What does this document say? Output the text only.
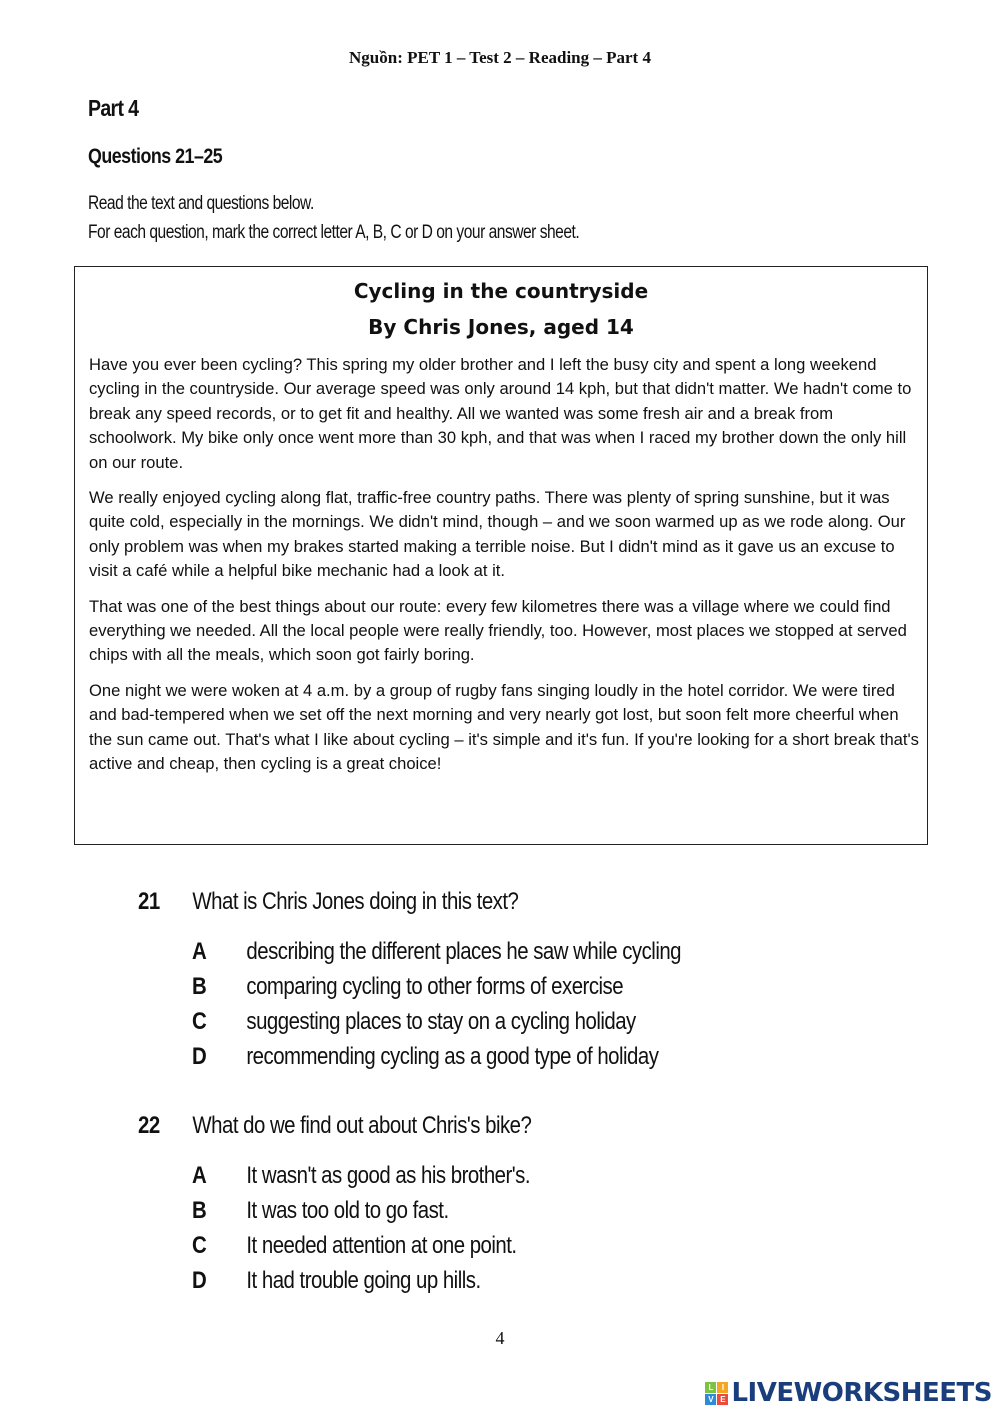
Nguồn: PET 1 – Test 2 – Reading – Part 4
Part 4
Questions 21–25
Read the text and questions below.
For each question, mark the correct letter A, B, C or D on your answer sheet.
Cycling in the countryside
By Chris Jones, aged 14

Have you ever been cycling? This spring my older brother and I left the busy city and spent a long weekend cycling in the countryside. Our average speed was only around 14 kph, but that didn't matter. We hadn't come to break any speed records, or to get fit and healthy. All we wanted was some fresh air and a break from schoolwork. My bike only once went more than 30 kph, and that was when I raced my brother down the only hill on our route.

We really enjoyed cycling along flat, traffic-free country paths. There was plenty of spring sunshine, but it was quite cold, especially in the mornings. We didn't mind, though – and we soon warmed up as we rode along. Our only problem was when my brakes started making a terrible noise. But I didn't mind as it gave us an excuse to visit a café while a helpful bike mechanic had a look at it.

That was one of the best things about our route: every few kilometres there was a village where we could find everything we needed. All the local people were really friendly, too. However, most places we stopped at served chips with all the meals, which soon got fairly boring.

One night we were woken at 4 a.m. by a group of rugby fans singing loudly in the hotel corridor. We were tired and bad-tempered when we set off the next morning and very nearly got lost, but soon felt more cheerful when the sun came out. That's what I like about cycling – it's simple and it's fun. If you're looking for a short break that's active and cheap, then cycling is a great choice!

21 What is Chris Jones doing in this text?
A describing the different places he saw while cycling
B comparing cycling to other forms of exercise
C suggesting places to stay on a cycling holiday
D recommending cycling as a good type of holiday
22 What do we find out about Chris's bike?
A It wasn't as good as his brother's.
B It was too old to go fast.
C It needed attention at one point.
D It had trouble going up hills.
4
L	I
V E LIVEWORKSHEETS
